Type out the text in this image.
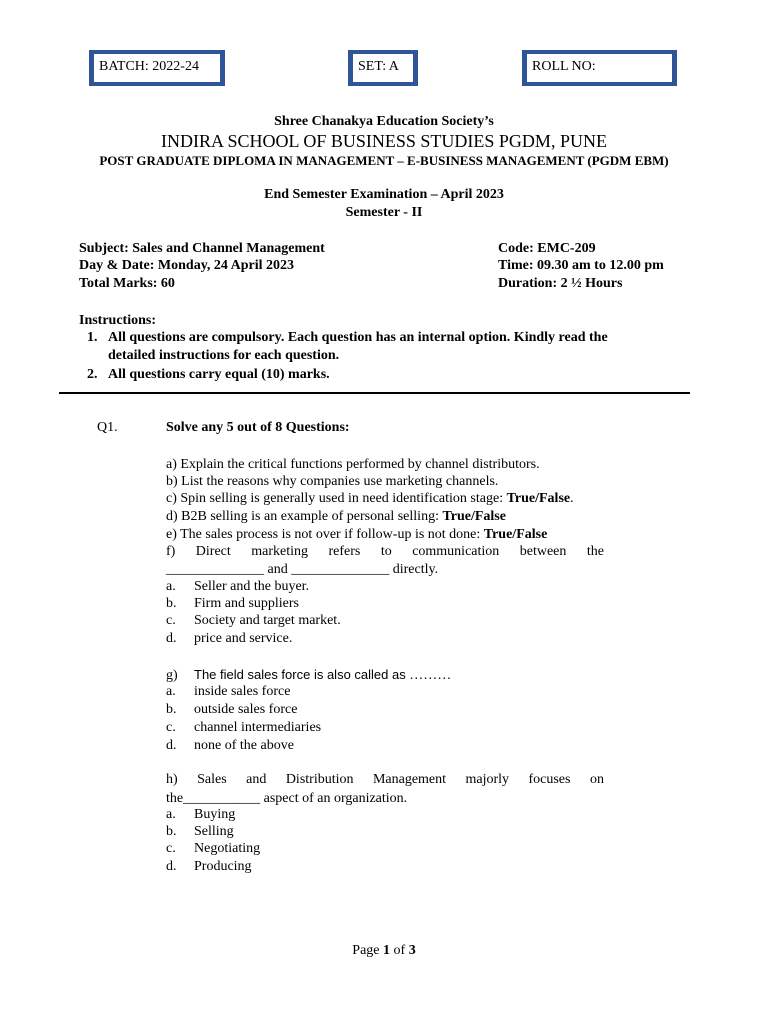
BATCH: 2022-24	SET: A	ROLL NO:
Shree Chanakya Education Society’s
INDIRA SCHOOL OF BUSINESS STUDIES PGDM, PUNE
POST GRADUATE DIPLOMA IN MANAGEMENT – E-BUSINESS MANAGEMENT (PGDM EBM)
End Semester Examination – April 2023
Semester - II
Subject: Sales and Channel Management
Day & Date: Monday, 24 April 2023
Total Marks: 60
Code: EMC-209
Time: 09.30 am to 12.00 pm
Duration: 2 ½ Hours
Instructions:
1. All questions are compulsory. Each question has an internal option. Kindly read the
detailed instructions for each question.
2. All questions carry equal (10) marks.
Q1.	Solve any 5 out of 8 Questions:
a) Explain the critical functions performed by channel distributors.
b) List the reasons why companies use marketing channels.
c) Spin selling is generally used in need identification stage: True/False.
d) B2B selling is an example of personal selling: True/False
e) The sales process is not over if follow-up is not done: True/False
f) Direct marketing refers to communication between the
______________ and ______________ directly.
a. Seller and the buyer.
b. Firm and suppliers
c. Society and target market.
d. price and service.
g) The field sales force is also called as ………
a. inside sales force
b. outside sales force
c. channel intermediaries
d. none of the above
h) Sales and Distribution Management majorly focuses on
the___________ aspect of an organization.
a. Buying
b. Selling
c. Negotiating
d. Producing
Page 1 of 3
